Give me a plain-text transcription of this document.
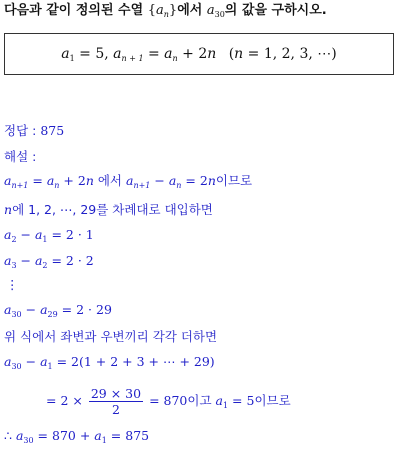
다음과 같이 정의된 수열 $\{a_n\}$에서 $a_{30}$의 값을 구하시오.
$a_1 = 5$, $a_{n + 1} = a_n + 2n$ (n = 1, 2, 3, ⋯)
정답 : 875
해설 :
$a_{n+1} = a_n + 2n$ 에서 $a_{n+1} - a_n = 2n$이므로
n에 1, 2, ⋯, 29를 차례대로 대입하면
$a_2 - a_1 = 2 \cdot 1$
$a_3 - a_2 = 2 \cdot 2$
⋮
$a_{30} - a_{29} = 2 \cdot 29$
위 식에서 좌변과 우변끼리 각각 더하면
$a_{30} - a_1 = 2(1 + 2 + 3$ + ⋯ + 29)
= $2 \times \frac{29 \times 30}{2} = 870$이고 $a_1 = 5$이므로
∴ $a_{30} = 870 + a_1 = 875$
